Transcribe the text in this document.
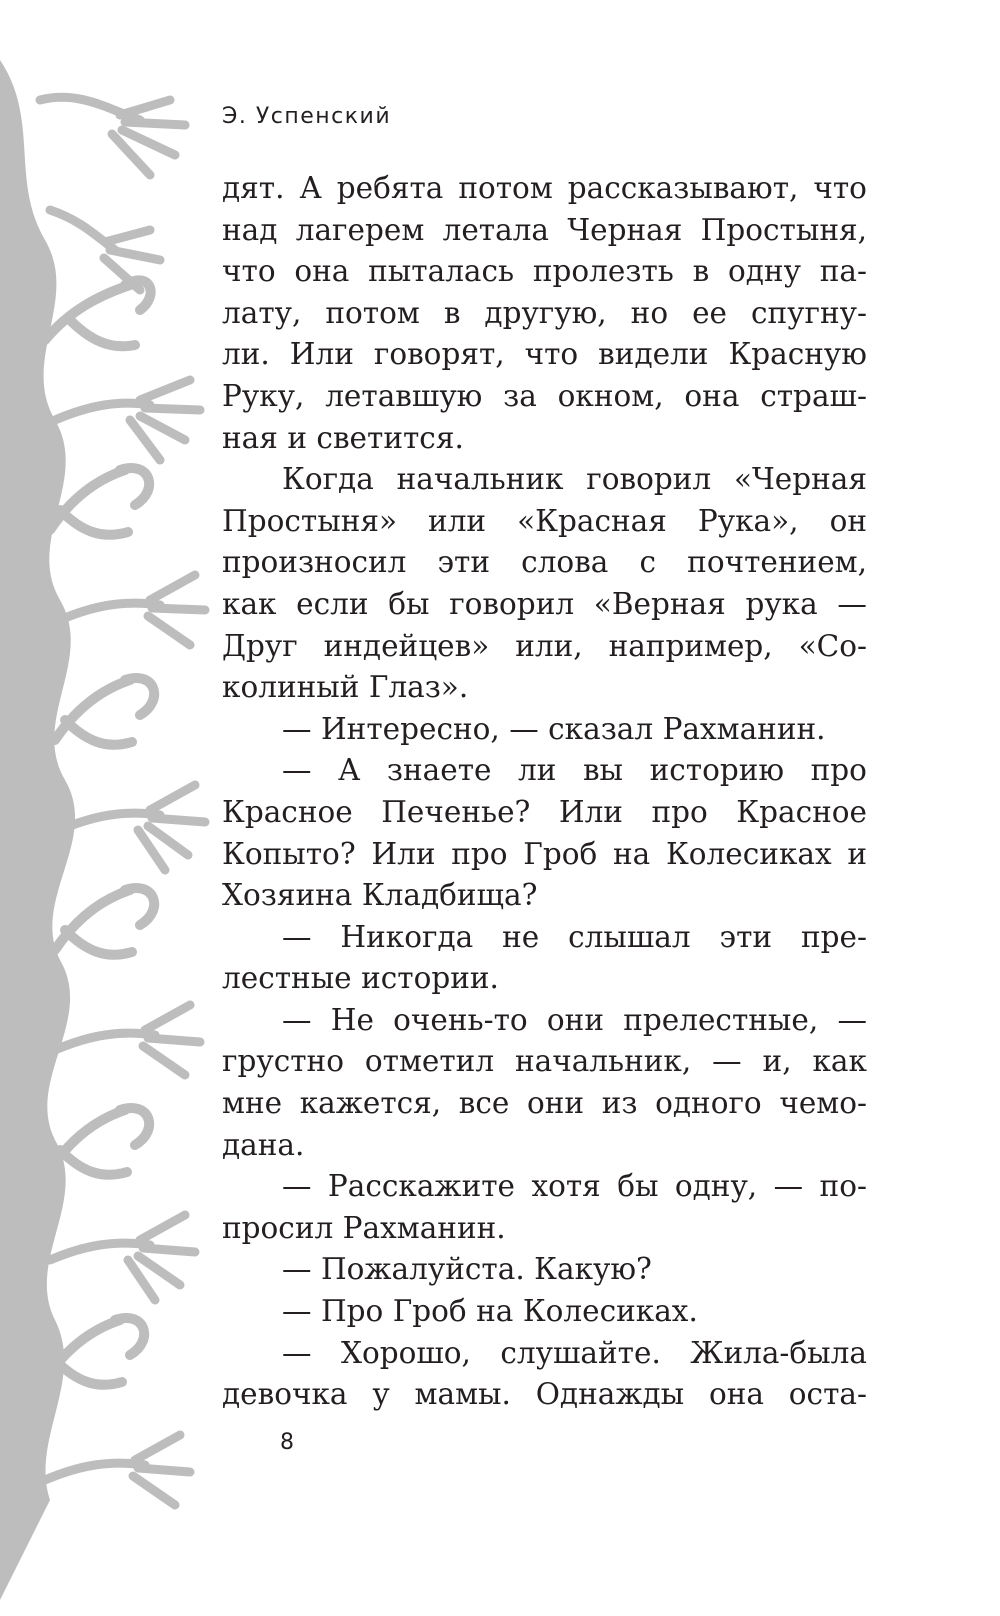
Э. Успенский
дят. А ребята потом рассказывают, что
над лагерем летала Черная Простыня,
что она пыталась пролезть в одну па-
лату, потом в другую, но ее спугну-
ли. Или говорят, что видели Красную
Руку, летавшую за окном, она страш-
ная и светится.
Когда начальник говорил «Черная
Простыня» или «Красная Рука», он
произносил эти слова с почтением,
как если бы говорил «Верная рука —
Друг индейцев» или, например, «Со-
колиный Глаз».
— Интересно, — сказал Рахманин.
— А знаете ли вы историю про
Красное Печенье? Или про Красное
Копыто? Или про Гроб на Колесиках и
Хозяина Кладбища?
— Никогда не слышал эти пре-
лестные истории.
— Не очень-то они прелестные, —
грустно отметил начальник, — и, как
мне кажется, все они из одного чемо-
дана.
— Расскажите хотя бы одну, — по-
просил Рахманин.
— Пожалуйста. Какую?
— Про Гроб на Колесиках.
— Хорошо, слушайте. Жила-была
девочка у мамы. Однажды она оста-
8
